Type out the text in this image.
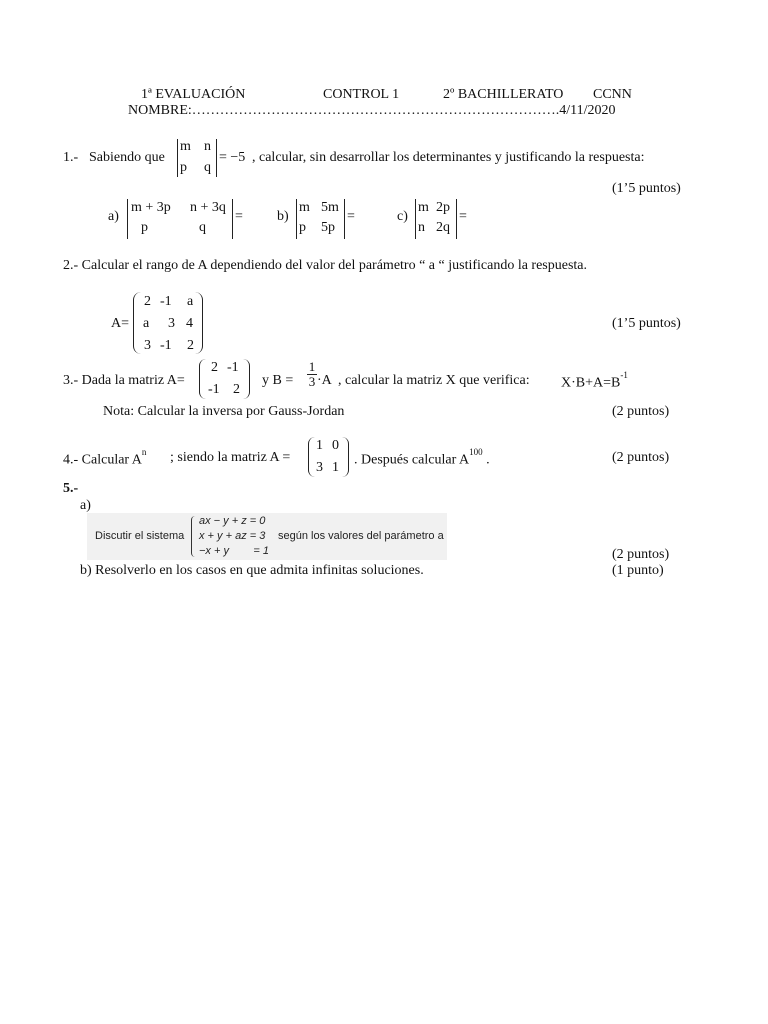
1ª EVALUACIÓN	CONTROL 1	2º BACHILLERATO CCNN
NOMBRE:…………………………………………………………………….4/11/2020
1.- Sabiendo que
m n
p q
= −5 , calcular, sin desarrollar los determinantes y justificando la respuesta:
(1’5 puntos)
a)
m + 3p n + 3q
p	q
= b)
m 5m
p 5p
=	c)
m 2p
n 2q
=
2.- Calcular el rango de A dependiendo del valor del parámetro “ a “ justificando la respuesta.
A=
2 -1 a
a 3 4
3 -1 2
(1’5 puntos)
3.- Dada la matriz A=
2 -1
-1 2
y $B = \frac{1}{3} \cdot A$ , calcular la matriz X que verifica: $X\cdot B+A=B^{-1}$
Nota: Calcular la inversa por Gauss-Jordan	(2 puntos)
4.- Calcular $A^n$ ; siendo la matriz A =
1 0
3 1 . Después calcular $A^{100}$ .	(2 puntos)
5.-
a)
Discutir el sistema
ax − y + z = 0
x + y + az = 3
−x + y        = 1
según los valores del parámetro a
(2 puntos)
b) Resolverlo en los casos en que admita infinitas soluciones.	(1 punto)
